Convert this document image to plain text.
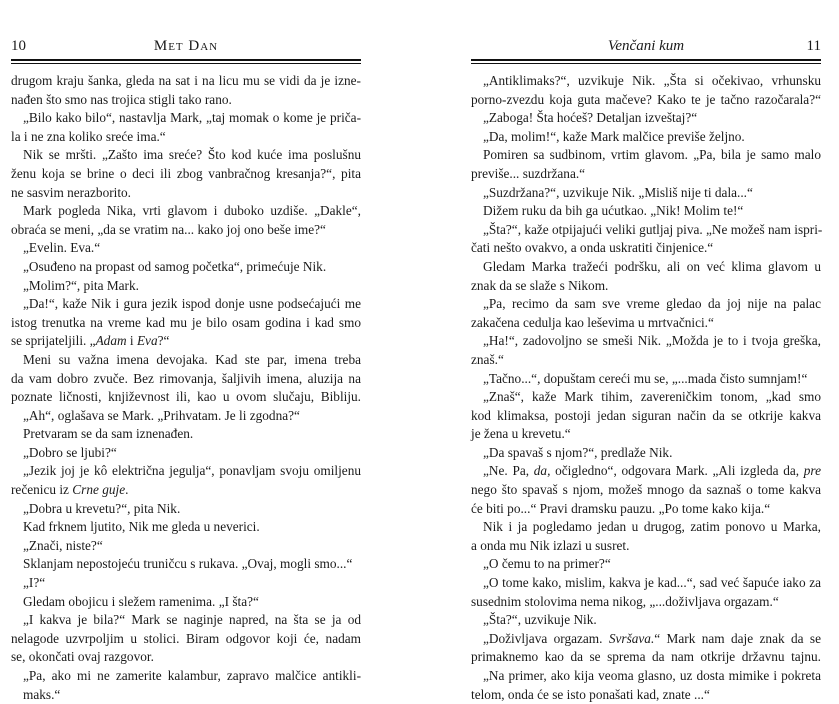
10	Met Dan
drugom kraju šanka, gleda na sat i na licu mu se vidi da je izne-
nađen što smo nas trojica stigli tako rano.
„Bilo kako bilo“, nastavlja Mark, „taj momak o kome je priča-
la i ne zna koliko sreće ima.“
Nik se mršti. „Zašto ima sreće? Što kod kuće ima poslušnu
ženu koja se brine o deci ili zbog vanbračnog kresanja?“, pita
ne sasvim nerazborito.
Mark pogleda Nika, vrti glavom i duboko uzdiše. „Dakle“,
obraća se meni, „da se vratim na... kako joj ono beše ime?“
„Evelin. Eva.“
„Osuđeno na propast od samog početka“, primećuje Nik.
„Molim?“, pita Mark.
„Da!“, kaže Nik i gura jezik ispod donje usne podsećajući me
istog trenutka na vreme kad mu je bilo osam godina i kad smo
se sprijateljili. „Adam i Eva?“
Meni su važna imena devojaka. Kad ste par, imena treba
da vam dobro zvuče. Bez rimovanja, šaljivih imena, aluzija na
poznate ličnosti, književnost ili, kao u ovom slučaju, Bibliju.
„Ah“, oglašava se Mark. „Prihvatam. Je li zgodna?“
Pretvaram se da sam iznenađen.
„Dobro se ljubi?“
„Jezik joj je kô električna jegulja“, ponavljam svoju omiljenu
rečenicu iz Crne guje.
„Dobra u krevetu?“, pita Nik.
Kad frknem ljutito, Nik me gleda u neverici.
„Znači, niste?“
Sklanjam nepostojeću truničcu s rukava. „Ovaj, mogli smo...“
„I?“
Gledam obojicu i sležem ramenima. „I šta?“
„I kakva je bila?“ Mark se naginje napred, na šta se ja od
nelagode uzvrpoljim u stolici. Biram odgovor koji će, nadam
se, okončati ovaj razgovor.
„Pa, ako mi ne zamerite kalambur, zapravo malčice antikli-
maks.“
Venčani kum	11
„Antiklimaks?“, uzvikuje Nik. „Šta si očekivao, vrhunsku
porno-zvezdu koja guta mačeve? Kako te je tačno razočarala?“
„Zaboga! Šta hoćeš? Detaljan izveštaj?“
„Da, molim!“, kaže Mark malčice previše željno.
Pomiren sa sudbinom, vrtim glavom. „Pa, bila je samo malo
previše... suzdržana.“
„Suzdržana?“, uzvikuje Nik. „Misliš nije ti dala...“
Dižem ruku da bih ga ućutkao. „Nik! Molim te!“
„Šta?“, kaže otpijajući veliki gutljaj piva. „Ne možeš nam ispri-
čati nešto ovakvo, a onda uskratiti činjenice.“
Gledam Marka tražeći podršku, ali on već klima glavom u
znak da se slaže s Nikom.
„Pa, recimo da sam sve vreme gledao da joj nije na palac
zakačena cedulja kao leševima u mrtvačnici.“
„Ha!“, zadovoljno se smeši Nik. „Možda je to i tvoja greška,
znaš.“
„Tačno...“, dopuštam cereći mu se, „...mada čisto sumnjam!“
„Znaš“, kaže Mark tihim, zavereničkim tonom, „kad smo
kod klimaksa, postoji jedan siguran način da se otkrije kakva
je žena u krevetu.“
„Da spavaš s njom?“, predlaže Nik.
„Ne. Pa, da, očigledno“, odgovara Mark. „Ali izgleda da, pre
nego što spavaš s njom, možeš mnogo da saznaš o tome kakva
će biti po...“ Pravi dramsku pauzu. „Po tome kako kija.“
Nik i ja pogledamo jedan u drugog, zatim ponovo u Marka,
a onda mu Nik izlazi u susret.
„O čemu to na primer?“
„O tome kako, mislim, kakva je kad...“, sad već šapuće iako za
susednim stolovima nema nikog, „...doživljava orgazam.“
„Šta?“, uzvikuje Nik.
„Doživljava orgazam. Svršava.“ Mark nam daje znak da se
primaknemo kao da se sprema da nam otkrije državnu tajnu.
„Na primer, ako kija veoma glasno, uz dosta mimike i pokreta
telom, onda će se isto ponašati kad, znate ...“
